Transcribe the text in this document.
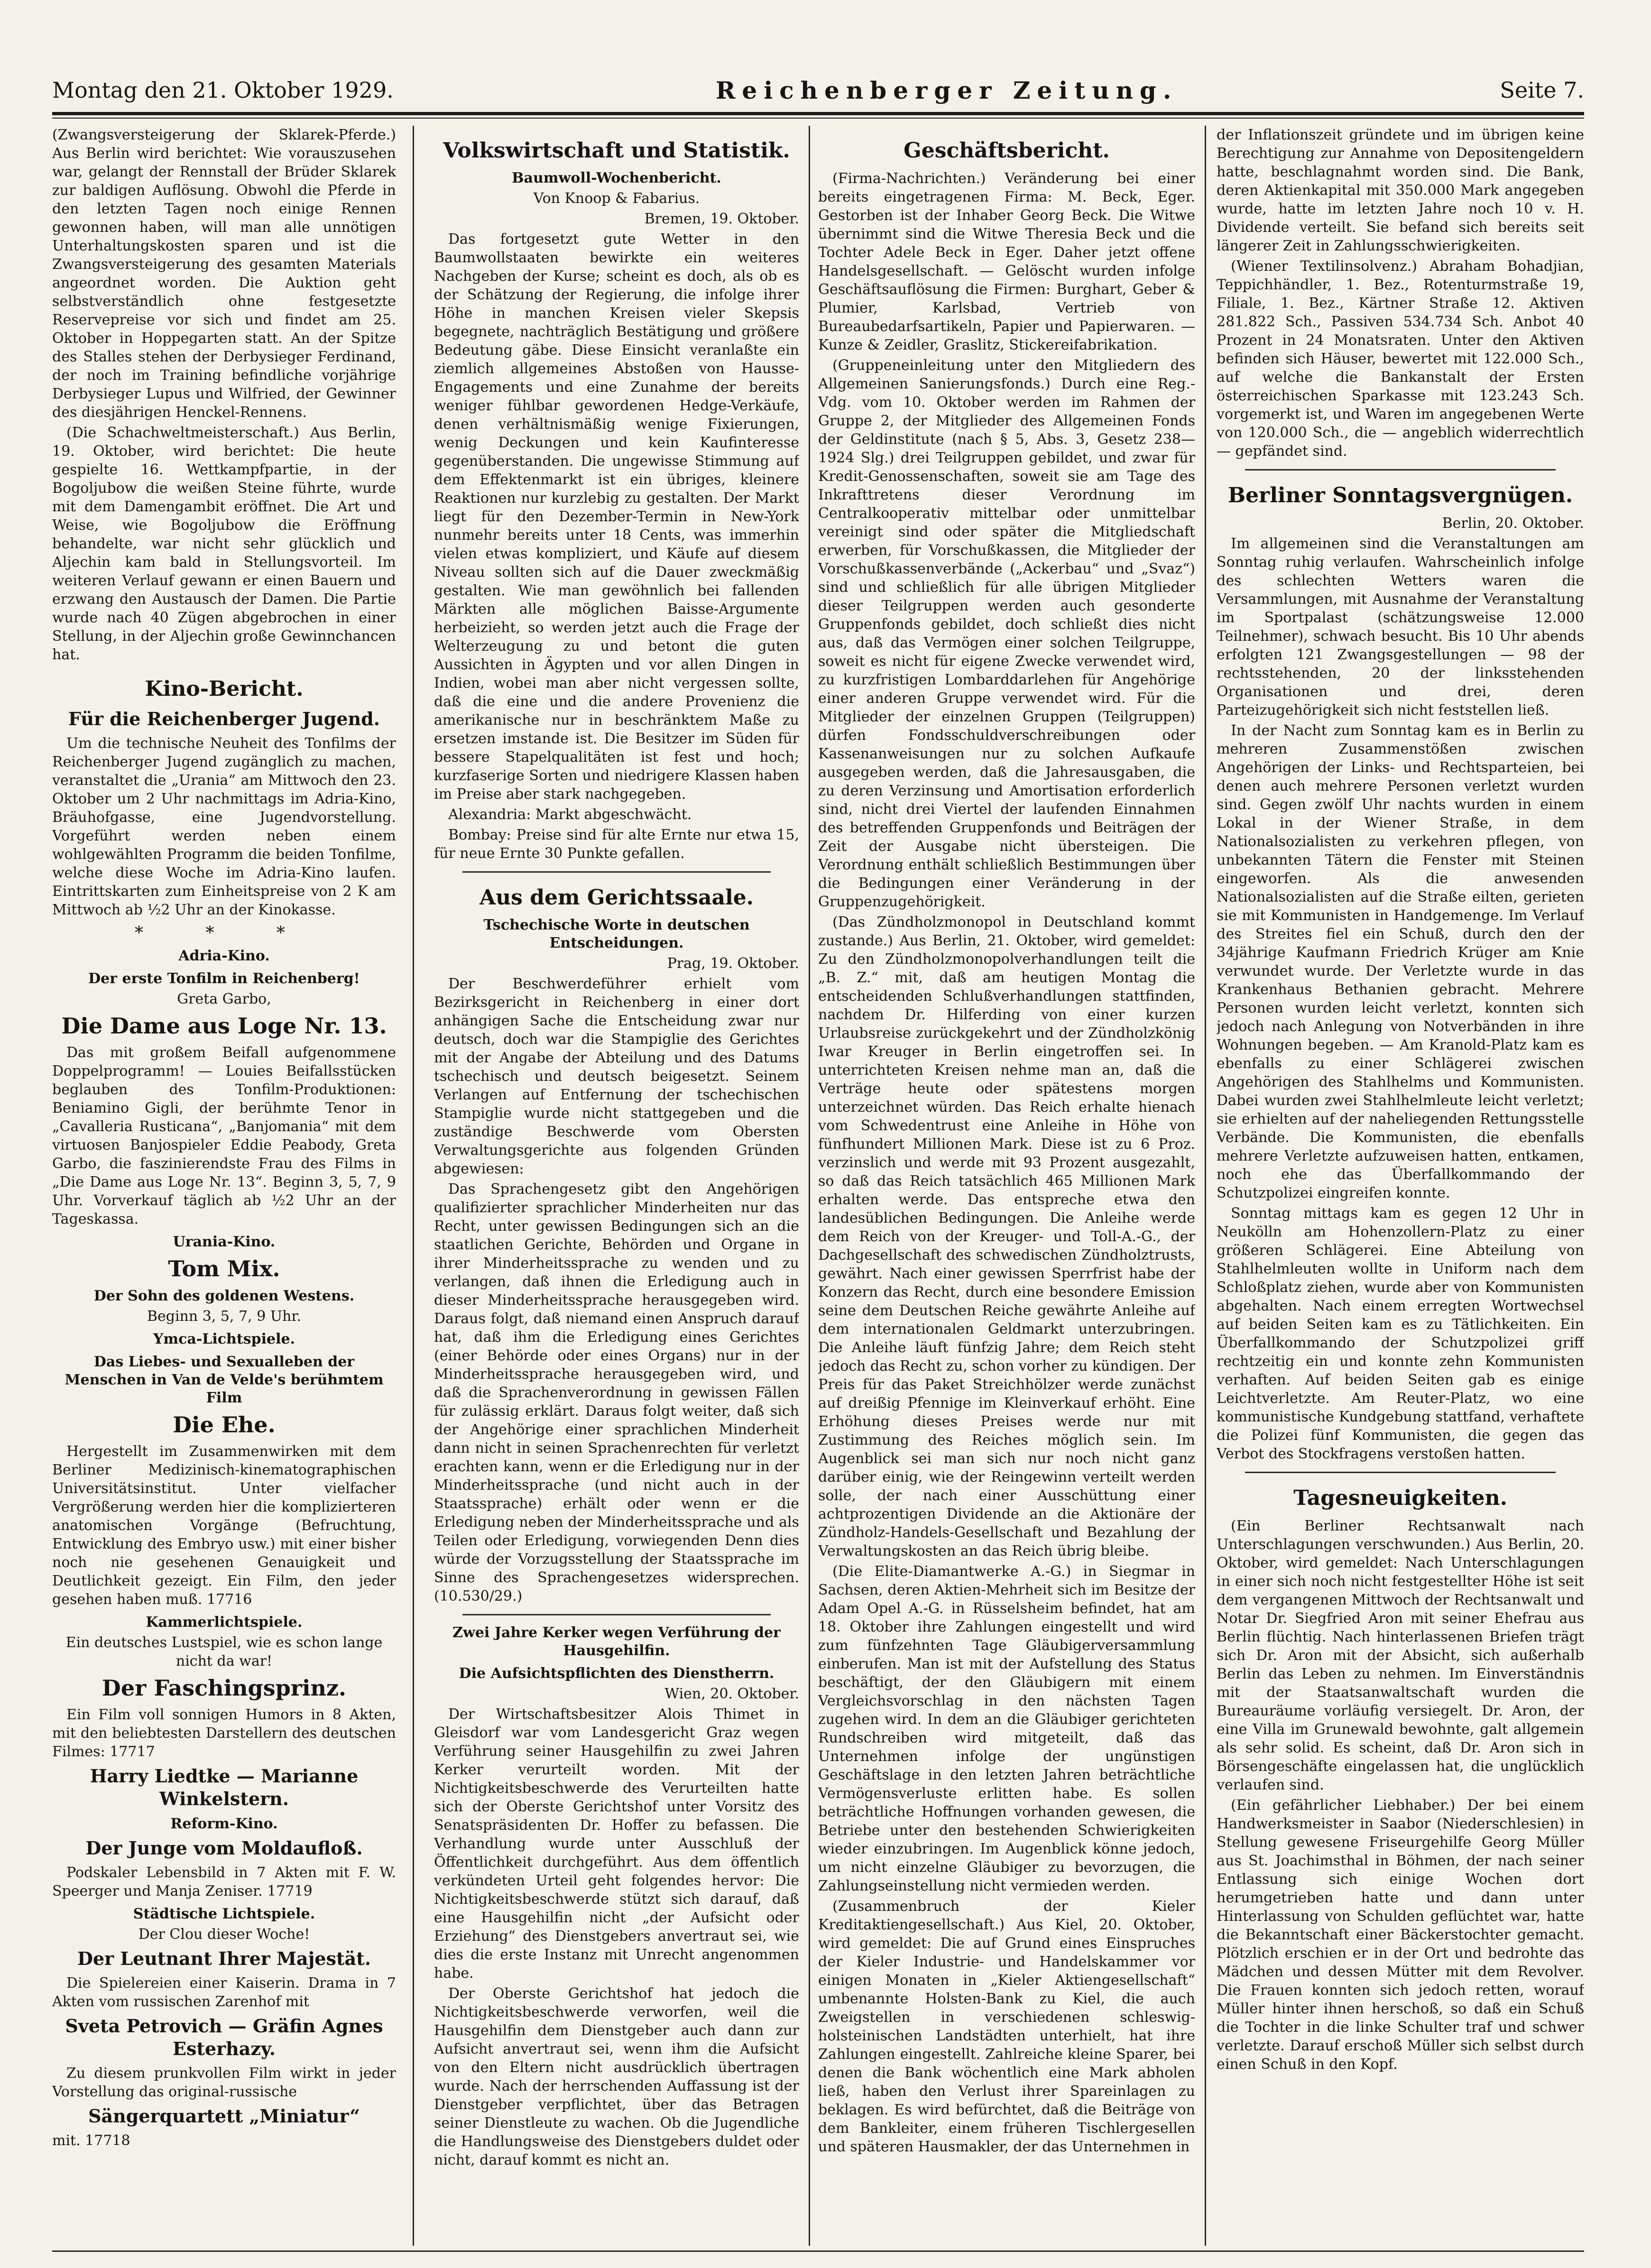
Montag den 21. Oktober 1929.	Reichenberger Zeitung.	Seite 7.

(Zwangsversteigerung der Sklarek-Pferde.) Aus Berlin wird berichtet: Wie vorauszusehen war, gelangt der Rennstall der Brüder Sklarek zur baldigen Auflösung. Obwohl die Pferde in den letzten Tagen noch einige Rennen gewonnen haben, will man alle unnötigen Unterhaltungskosten sparen und ist die Zwangsversteigerung des gesamten Materials angeordnet worden. Die Auktion geht selbstverständlich ohne festgesetzte Reservepreise vor sich und findet am 25. Oktober in Hoppegarten statt. An der Spitze des Stalles stehen der Derbysieger Ferdinand, der noch im Training befindliche vorjährige Derbysieger Lupus und Wilfried, der Gewinner des diesjährigen Henckel-Rennens.

(Die Schachweltmeisterschaft.) Aus Berlin, 19. Oktober, wird berichtet: Die heute gespielte 16. Wettkampfpartie, in der Bogoljubow die weißen Steine führte, wurde mit dem Damengambit eröffnet. Die Art und Weise, wie Bogoljubow die Eröffnung behandelte, war nicht sehr glücklich und Aljechin kam bald in Stellungsvorteil. Im weiteren Verlauf gewann er einen Bauern und erzwang den Austausch der Damen. Die Partie wurde nach 40 Zügen abgebrochen in einer Stellung, in der Aljechin große Gewinnchancen hat.

Kino-Bericht.
Für die Reichenberger Jugend.

Um die technische Neuheit des Tonfilms der Reichenberger Jugend zugänglich zu machen, veranstaltet die „Urania“ am Mittwoch den 23. Oktober um 2 Uhr nachmittags im Adria-Kino, Bräuhofgasse, eine Jugendvorstellung. Vorgeführt werden neben einem wohlgewählten Programm die beiden Tonfilme, welche diese Woche im Adria-Kino laufen. Eintrittskarten zum Einheitspreise von 2 K am Mittwoch ab ½2 Uhr an der Kinokasse.

* * *
Adria-Kino.
Der erste Tonfilm in Reichenberg!
Greta Garbo,
Die Dame aus Loge Nr. 13.

Das mit großem Beifall aufgenommene Doppelprogramm! — Louies Beifallsstücken beglauben des Tonfilm-Produktionen: Beniamino Gigli, der berühmte Tenor in „Cavalleria Rusticana“, „Banjomania“ mit dem virtuosen Banjospieler Eddie Peabody, Greta Garbo, die faszinierendste Frau des Films in „Die Dame aus Loge Nr. 13“. Beginn 3, 5, 7, 9 Uhr. Vorverkauf täglich ab ½2 Uhr an der Tageskassa.

Urania-Kino.
Tom Mix.
Der Sohn des goldenen Westens.
Beginn 3, 5, 7, 9 Uhr.
Ymca-Lichtspiele.
Das Liebes- und Sexualleben der Menschen in Van de Velde's berühmtem Film
Die Ehe.

Hergestellt im Zusammenwirken mit dem Berliner Medizinisch-kinematographischen Universitätsinstitut. Unter vielfacher Vergrößerung werden hier die komplizierteren anatomischen Vorgänge (Befruchtung, Entwicklung des Embryo usw.) mit einer bisher noch nie gesehenen Genauigkeit und Deutlichkeit gezeigt. Ein Film, den jeder gesehen haben muß. 17716

Kammerlichtspiele.
Ein deutsches Lustspiel, wie es schon lange nicht da war!
Der Faschingsprinz.

Ein Film voll sonnigen Humors in 8 Akten, mit den beliebtesten Darstellern des deutschen Filmes: 17717

Harry Liedtke — Marianne Winkelstern.
Reform-Kino.
Der Junge vom Moldaufloß.

Podskaler Lebensbild in 7 Akten mit F. W. Speerger und Manja Zeniser. 17719

Städtische Lichtspiele.
Der Clou dieser Woche!
Der Leutnant Ihrer Majestät.

Die Spielereien einer Kaiserin. Drama in 7 Akten vom russischen Zarenhof mit

Sveta Petrovich — Gräfin Agnes Esterhazy.

Zu diesem prunkvollen Film wirkt in jeder Vorstellung das original-russische

Sängerquartett „Miniatur“

mit. 17718

Volkswirtschaft und Statistik.
Baumwoll-Wochenbericht.
Von Knoop & Fabarius.
Bremen, 19. Oktober.

Das fortgesetzt gute Wetter in den Baumwollstaaten bewirkte ein weiteres Nachgeben der Kurse; scheint es doch, als ob es der Schätzung der Regierung, die infolge ihrer Höhe in manchen Kreisen vieler Skepsis begegnete, nachträglich Bestätigung und größere Bedeutung gäbe. Diese Einsicht veranlaßte ein ziemlich allgemeines Abstoßen von Hausse-Engagements und eine Zunahme der bereits weniger fühlbar gewordenen Hedge-Verkäufe, denen verhältnismäßig wenige Fixierungen, wenig Deckungen und kein Kaufinteresse gegenüberstanden. Die ungewisse Stimmung auf dem Effektenmarkt ist ein übriges, kleinere Reaktionen nur kurzlebig zu gestalten. Der Markt liegt für den Dezember-Termin in New-York nunmehr bereits unter 18 Cents, was immerhin vielen etwas kompliziert, und Käufe auf diesem Niveau sollten sich auf die Dauer zweckmäßig gestalten. Wie man gewöhnlich bei fallenden Märkten alle möglichen Baisse-Argumente herbeizieht, so werden jetzt auch die Frage der Welterzeugung zu und betont die guten Aussichten in Ägypten und vor allen Dingen in Indien, wobei man aber nicht vergessen sollte, daß die eine und die andere Provenienz die amerikanische nur in beschränktem Maße zu ersetzen imstande ist. Die Besitzer im Süden für bessere Stapelqualitäten ist fest und hoch; kurzfaserige Sorten und niedrigere Klassen haben im Preise aber stark nachgegeben.

Alexandria: Markt abgeschwächt.

Bombay: Preise sind für alte Ernte nur etwa 15, für neue Ernte 30 Punkte gefallen.

Aus dem Gerichtssaale.
Tschechische Worte in deutschen Entscheidungen.
Prag, 19. Oktober.

Der Beschwerdeführer erhielt vom Bezirksgericht in Reichenberg in einer dort anhängigen Sache die Entscheidung zwar nur deutsch, doch war die Stampiglie des Gerichtes mit der Angabe der Abteilung und des Datums tschechisch und deutsch beigesetzt. Seinem Verlangen auf Entfernung der tschechischen Stampiglie wurde nicht stattgegeben und die zuständige Beschwerde vom Obersten Verwaltungsgerichte aus folgenden Gründen abgewiesen:

Das Sprachengesetz gibt den Angehörigen qualifizierter sprachlicher Minderheiten nur das Recht, unter gewissen Bedingungen sich an die staatlichen Gerichte, Behörden und Organe in ihrer Minderheitssprache zu wenden und zu verlangen, daß ihnen die Erledigung auch in dieser Minderheitssprache herausgegeben wird. Daraus folgt, daß niemand einen Anspruch darauf hat, daß ihm die Erledigung eines Gerichtes (einer Behörde oder eines Organs) nur in der Minderheitssprache herausgegeben wird, und daß die Sprachenverordnung in gewissen Fällen für zulässig erklärt. Daraus folgt weiter, daß sich der Angehörige einer sprachlichen Minderheit dann nicht in seinen Sprachenrechten für verletzt erachten kann, wenn er die Erledigung nur in der Minderheitssprache (und nicht auch in der Staatssprache) erhält oder wenn er die Erledigung neben der Minderheitssprache und als Teilen oder Erledigung, vorwiegenden Denn dies würde der Vorzugsstellung der Staatssprache im Sinne des Sprachengesetzes widersprechen. (10.530/29.)

Zwei Jahre Kerker wegen Verführung der Hausgehilfin.
Die Aufsichtspflichten des Dienstherrn.
Wien, 20. Oktober.

Der Wirtschaftsbesitzer Alois Thimet in Gleisdorf war vom Landesgericht Graz wegen Verführung seiner Hausgehilfin zu zwei Jahren Kerker verurteilt worden. Mit der Nichtigkeitsbeschwerde des Verurteilten hatte sich der Oberste Gerichtshof unter Vorsitz des Senatspräsidenten Dr. Hoffer zu befassen. Die Verhandlung wurde unter Ausschluß der Öffentlichkeit durchgeführt. Aus dem öffentlich verkündeten Urteil geht folgendes hervor: Die Nichtigkeitsbeschwerde stützt sich darauf, daß eine Hausgehilfin nicht „der Aufsicht oder Erziehung“ des Dienstgebers anvertraut sei, wie dies die erste Instanz mit Unrecht angenommen habe.

Der Oberste Gerichtshof hat jedoch die Nichtigkeitsbeschwerde verworfen, weil die Hausgehilfin dem Dienstgeber auch dann zur Aufsicht anvertraut sei, wenn ihm die Aufsicht von den Eltern nicht ausdrücklich übertragen wurde. Nach der herrschenden Auffassung ist der Dienstgeber verpflichtet, über das Betragen seiner Dienstleute zu wachen. Ob die Jugendliche die Handlungsweise des Dienstgebers duldet oder nicht, darauf kommt es nicht an.

Geschäftsbericht.

(Firma-Nachrichten.) Veränderung bei einer bereits eingetragenen Firma: M. Beck, Eger. Gestorben ist der Inhaber Georg Beck. Die Witwe übernimmt sind die Witwe Theresia Beck und die Tochter Adele Beck in Eger. Daher jetzt offene Handelsgesellschaft. — Gelöscht wurden infolge Geschäftsauflösung die Firmen: Burghart, Geber & Plumier, Karlsbad, Vertrieb von Bureaubedarfsartikeln, Papier und Papierwaren. — Kunze & Zeidler, Graslitz, Stickereifabrikation.

(Gruppeneinleitung unter den Mitgliedern des Allgemeinen Sanierungsfonds.) Durch eine Reg.-Vdg. vom 10. Oktober werden im Rahmen der Gruppe 2, der Mitglieder des Allgemeinen Fonds der Geldinstitute (nach § 5, Abs. 3, Gesetz 238—1924 Slg.) drei Teilgruppen gebildet, und zwar für Kredit-Genossenschaften, soweit sie am Tage des Inkrafttretens dieser Verordnung im Centralkooperativ mittelbar oder unmittelbar vereinigt sind oder später die Mitgliedschaft erwerben, für Vorschußkassen, die Mitglieder der Vorschußkassenverbände („Ackerbau“ und „Svaz“) sind und schließlich für alle übrigen Mitglieder dieser Teilgruppen werden auch gesonderte Gruppenfonds gebildet, doch schließt dies nicht aus, daß das Vermögen einer solchen Teilgruppe, soweit es nicht für eigene Zwecke verwendet wird, zu kurzfristigen Lombarddarlehen für Angehörige einer anderen Gruppe verwendet wird. Für die Mitglieder der einzelnen Gruppen (Teilgruppen) dürfen Fondsschuldverschreibungen oder Kassenanweisungen nur zu solchen Aufkaufe ausgegeben werden, daß die Jahresausgaben, die zu deren Verzinsung und Amortisation erforderlich sind, nicht drei Viertel der laufenden Einnahmen des betreffenden Gruppenfonds und Beiträgen der Zeit der Ausgabe nicht übersteigen. Die Verordnung enthält schließlich Bestimmungen über die Bedingungen einer Veränderung in der Gruppenzugehörigkeit.

(Das Zündholzmonopol in Deutschland kommt zustande.) Aus Berlin, 21. Oktober, wird gemeldet: Zu den Zündholzmonopolverhandlungen teilt die „B. Z.“ mit, daß am heutigen Montag die entscheidenden Schlußverhandlungen stattfinden, nachdem Dr. Hilferding von einer kurzen Urlaubsreise zurückgekehrt und der Zündholzkönig Iwar Kreuger in Berlin eingetroffen sei. In unterrichteten Kreisen nehme man an, daß die Verträge heute oder spätestens morgen unterzeichnet würden. Das Reich erhalte hienach vom Schwedentrust eine Anleihe in Höhe von fünfhundert Millionen Mark. Diese ist zu 6 Proz. verzinslich und werde mit 93 Prozent ausgezahlt, so daß das Reich tatsächlich 465 Millionen Mark erhalten werde. Das entspreche etwa den landesüblichen Bedingungen. Die Anleihe werde dem Reich von der Kreuger- und Toll-A.-G., der Dachgesellschaft des schwedischen Zündholztrusts, gewährt. Nach einer gewissen Sperrfrist habe der Konzern das Recht, durch eine besondere Emission seine dem Deutschen Reiche gewährte Anleihe auf dem internationalen Geldmarkt unterzubringen. Die Anleihe läuft fünfzig Jahre; dem Reich steht jedoch das Recht zu, schon vorher zu kündigen. Der Preis für das Paket Streichhölzer werde zunächst auf dreißig Pfennige im Kleinverkauf erhöht. Eine Erhöhung dieses Preises werde nur mit Zustimmung des Reiches möglich sein. Im Augenblick sei man sich nur noch nicht ganz darüber einig, wie der Reingewinn verteilt werden solle, der nach einer Ausschüttung einer achtprozentigen Dividende an die Aktionäre der Zündholz-Handels-Gesellschaft und Bezahlung der Verwaltungskosten an das Reich übrig bleibe.

(Die Elite-Diamantwerke A.-G.) in Siegmar in Sachsen, deren Aktien-Mehrheit sich im Besitze der Adam Opel A.-G. in Rüsselsheim befindet, hat am 18. Oktober ihre Zahlungen eingestellt und wird zum fünfzehnten Tage Gläubigerversammlung einberufen. Man ist mit der Aufstellung des Status beschäftigt, der den Gläubigern mit einem Vergleichsvorschlag in den nächsten Tagen zugehen wird. In dem an die Gläubiger gerichteten Rundschreiben wird mitgeteilt, daß das Unternehmen infolge der ungünstigen Geschäftslage in den letzten Jahren beträchtliche Vermögensverluste erlitten habe. Es sollen beträchtliche Hoffnungen vorhanden gewesen, die Betriebe unter den bestehenden Schwierigkeiten wieder einzubringen. Im Augenblick könne jedoch, um nicht einzelne Gläubiger zu bevorzugen, die Zahlungseinstellung nicht vermieden werden.

(Zusammenbruch der Kieler Kreditaktiengesellschaft.) Aus Kiel, 20. Oktober, wird gemeldet: Die auf Grund eines Einspruches der Kieler Industrie- und Handelskammer vor einigen Monaten in „Kieler Aktiengesellschaft“ umbenannte Holsten-Bank zu Kiel, die auch Zweigstellen in verschiedenen schleswig-holsteinischen Landstädten unterhielt, hat ihre Zahlungen eingestellt. Zahlreiche kleine Sparer, bei denen die Bank wöchentlich eine Mark abholen ließ, haben den Verlust ihrer Spareinlagen zu beklagen. Es wird befürchtet, daß die Beiträge von dem Bankleiter, einem früheren Tischlergesellen und späteren Hausmakler, der das Unternehmen in

der Inflationszeit gründete und im übrigen keine Berechtigung zur Annahme von Depositengeldern hatte, beschlagnahmt worden sind. Die Bank, deren Aktienkapital mit 350.000 Mark angegeben wurde, hatte im letzten Jahre noch 10 v. H. Dividende verteilt. Sie befand sich bereits seit längerer Zeit in Zahlungsschwierigkeiten.

(Wiener Textilinsolvenz.) Abraham Bohadjian, Teppichhändler, 1. Bez., Rotenturmstraße 19, Filiale, 1. Bez., Kärtner Straße 12. Aktiven 281.822 Sch., Passiven 534.734 Sch. Anbot 40 Prozent in 24 Monatsraten. Unter den Aktiven befinden sich Häuser, bewertet mit 122.000 Sch., auf welche die Bankanstalt der Ersten österreichischen Sparkasse mit 123.243 Sch. vorgemerkt ist, und Waren im angegebenen Werte von 120.000 Sch., die — angeblich widerrechtlich — gepfändet sind.

Berliner Sonntagsvergnügen.
Berlin, 20. Oktober.

Im allgemeinen sind die Veranstaltungen am Sonntag ruhig verlaufen. Wahrscheinlich infolge des schlechten Wetters waren die Versammlungen, mit Ausnahme der Veranstaltung im Sportpalast (schätzungsweise 12.000 Teilnehmer), schwach besucht. Bis 10 Uhr abends erfolgten 121 Zwangsgestellungen — 98 der rechtsstehenden, 20 der linksstehenden Organisationen und drei, deren Parteizugehörigkeit sich nicht feststellen ließ.

In der Nacht zum Sonntag kam es in Berlin zu mehreren Zusammenstößen zwischen Angehörigen der Links- und Rechtsparteien, bei denen auch mehrere Personen verletzt wurden sind. Gegen zwölf Uhr nachts wurden in einem Lokal in der Wiener Straße, in dem Nationalsozialisten zu verkehren pflegen, von unbekannten Tätern die Fenster mit Steinen eingeworfen. Als die anwesenden Nationalsozialisten auf die Straße eilten, gerieten sie mit Kommunisten in Handgemenge. Im Verlauf des Streites fiel ein Schuß, durch den der 34jährige Kaufmann Friedrich Krüger am Knie verwundet wurde. Der Verletzte wurde in das Krankenhaus Bethanien gebracht. Mehrere Personen wurden leicht verletzt, konnten sich jedoch nach Anlegung von Notverbänden in ihre Wohnungen begeben. — Am Kranold-Platz kam es ebenfalls zu einer Schlägerei zwischen Angehörigen des Stahlhelms und Kommunisten. Dabei wurden zwei Stahlhelmleute leicht verletzt; sie erhielten auf der naheliegenden Rettungsstelle Verbände. Die Kommunisten, die ebenfalls mehrere Verletzte aufzuweisen hatten, entkamen, noch ehe das Überfallkommando der Schutzpolizei eingreifen konnte.

Sonntag mittags kam es gegen 12 Uhr in Neukölln am Hohenzollern-Platz zu einer größeren Schlägerei. Eine Abteilung von Stahlhelmleuten wollte in Uniform nach dem Schloßplatz ziehen, wurde aber von Kommunisten abgehalten. Nach einem erregten Wortwechsel auf beiden Seiten kam es zu Tätlichkeiten. Ein Überfallkommando der Schutzpolizei griff rechtzeitig ein und konnte zehn Kommunisten verhaften. Auf beiden Seiten gab es einige Leichtverletzte. Am Reuter-Platz, wo eine kommunistische Kundgebung stattfand, verhaftete die Polizei fünf Kommunisten, die gegen das Verbot des Stockfragens verstoßen hatten.

Tagesneuigkeiten.

(Ein Berliner Rechtsanwalt nach Unterschlagungen verschwunden.) Aus Berlin, 20. Oktober, wird gemeldet: Nach Unterschlagungen in einer sich noch nicht festgestellter Höhe ist seit dem vergangenen Mittwoch der Rechtsanwalt und Notar Dr. Siegfried Aron mit seiner Ehefrau aus Berlin flüchtig. Nach hinterlassenen Briefen trägt sich Dr. Aron mit der Absicht, sich außerhalb Berlin das Leben zu nehmen. Im Einverständnis mit der Staatsanwaltschaft wurden die Bureauräume vorläufig versiegelt. Dr. Aron, der eine Villa im Grunewald bewohnte, galt allgemein als sehr solid. Es scheint, daß Dr. Aron sich in Börsengeschäfte eingelassen hat, die unglücklich verlaufen sind.

(Ein gefährlicher Liebhaber.) Der bei einem Handwerksmeister in Saabor (Niederschlesien) in Stellung gewesene Friseurgehilfe Georg Müller aus St. Joachimsthal in Böhmen, der nach seiner Entlassung sich einige Wochen dort herumgetrieben hatte und dann unter Hinterlassung von Schulden geflüchtet war, hatte die Bekanntschaft einer Bäckerstochter gemacht. Plötzlich erschien er in der Ort und bedrohte das Mädchen und dessen Mütter mit dem Revolver. Die Frauen konnten sich jedoch retten, worauf Müller hinter ihnen herschoß, so daß ein Schuß die Tochter in die linke Schulter traf und schwer verletzte. Darauf erschoß Müller sich selbst durch einen Schuß in den Kopf.
